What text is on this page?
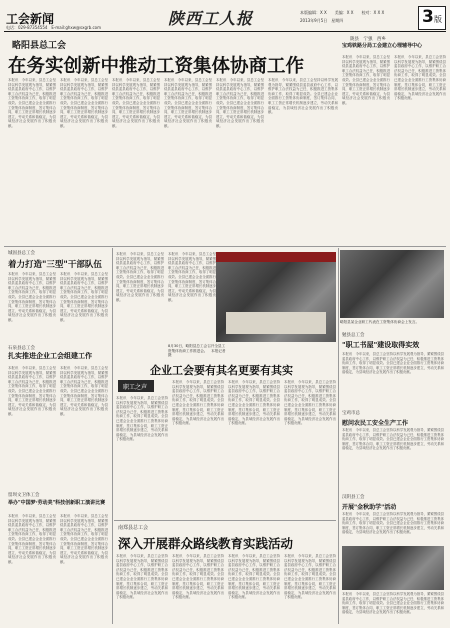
工会新闻	陕西工人报	本版编辑：X X　　美编：X X　　校对：X X X
2013年9月5日　星期四	3 版
电话：029-87354554　E-mail:ghxw@sxgrb.com
略阳县总工会
在务实创新中推动工资集体协商工作
陇县　宁强　西乡
宝鸡铁路分局工会建立心理辅导中心
本报讯　今年以来，县总工会坚持以科学发展观为指导，紧紧围绕县委县政府中心工作，以维护职工合法权益为己任，积极推进工资集体协商工作，取得了明显成效。全县已建会企业全面推行工资集体协商制度，签订集体合同，职工工资正常增长机制逐步建立，劳动关系和谐稳定，为县域经济社会发展作出了积极贡献。
本报讯　今年以来，县总工会坚持以科学发展观为指导，紧紧围绕县委县政府中心工作，以维护职工合法权益为己任，积极推进工资集体协商工作，取得了明显成效。全县已建会企业全面推行工资集体协商制度，签订集体合同，职工工资正常增长机制逐步建立，劳动关系和谐稳定，为县域经济社会发展作出了积极贡献。
本报讯　今年以来，县总工会坚持以科学发展观为指导，紧紧围绕县委县政府中心工作，以维护职工合法权益为己任，积极推进工资集体协商工作，取得了明显成效。全县已建会企业全面推行工资集体协商制度，签订集体合同，职工工资正常增长机制逐步建立，劳动关系和谐稳定，为县域经济社会发展作出了积极贡献。
本报讯　今年以来，县总工会坚持以科学发展观为指导，紧紧围绕县委县政府中心工作，以维护职工合法权益为己任，积极推进工资集体协商工作，取得了明显成效。全县已建会企业全面推行工资集体协商制度，签订集体合同，职工工资正常增长机制逐步建立，劳动关系和谐稳定，为县域经济社会发展作出了积极贡献。
本报讯　今年以来，县总工会坚持以科学发展观为指导，紧紧围绕县委县政府中心工作，以维护职工合法权益为己任，积极推进工资集体协商工作，取得了明显成效。全县已建会企业全面推行工资集体协商制度，签订集体合同，职工工资正常增长机制逐步建立，劳动关系和谐稳定，为县域经济社会发展作出了积极贡献。
本报讯　今年以来，县总工会坚持以科学发展观为指导，紧紧围绕县委县政府中心工作，以维护职工合法权益为己任，积极推进工资集体协商工作，取得了明显成效。全县已建会企业全面推行工资集体协商制度，签订集体合同，职工工资正常增长机制逐步建立，劳动关系和谐稳定，为县域经济社会发展作出了积极贡献。
本报讯　今年以来，县总工会坚持以科学发展观为指导，紧紧围绕县委县政府中心工作，以维护职工合法权益为己任，积极推进工资集体协商工作，取得了明显成效。全县已建会企业全面推行工资集体协商制度，签订集体合同，职工工资正常增长机制逐步建立，劳动关系和谐稳定，为县域经济社会发展作出了积极贡献。
本报讯　今年以来，县总工会坚持以科学发展观为指导，紧紧围绕县委县政府中心工作，以维护职工合法权益为己任，积极推进工资集体协商工作，取得了明显成效。全县已建会企业全面推行工资集体协商制度，签订集体合同，职工工资正常增长机制逐步建立，劳动关系和谐稳定，为县域经济社会发展作出了积极贡献。
城固县总工会
着力打造"三型"干部队伍
本报讯　今年以来，县总工会坚持以科学发展观为指导，紧紧围绕县委县政府中心工作，以维护职工合法权益为己任，积极推进工资集体协商工作，取得了明显成效。全县已建会企业全面推行工资集体协商制度，签订集体合同，职工工资正常增长机制逐步建立，劳动关系和谐稳定，为县域经济社会发展作出了积极贡献。
本报讯　今年以来，县总工会坚持以科学发展观为指导，紧紧围绕县委县政府中心工作，以维护职工合法权益为己任，积极推进工资集体协商工作，取得了明显成效。全县已建会企业全面推行工资集体协商制度，签订集体合同，职工工资正常增长机制逐步建立，劳动关系和谐稳定，为县域经济社会发展作出了积极贡献。
石泉县总工会
扎实推进企业工会组建工作
本报讯　今年以来，县总工会坚持以科学发展观为指导，紧紧围绕县委县政府中心工作，以维护职工合法权益为己任，积极推进工资集体协商工作，取得了明显成效。全县已建会企业全面推行工资集体协商制度，签订集体合同，职工工资正常增长机制逐步建立，劳动关系和谐稳定，为县域经济社会发展作出了积极贡献。
本报讯　今年以来，县总工会坚持以科学发展观为指导，紧紧围绕县委县政府中心工作，以维护职工合法权益为己任，积极推进工资集体协商工作，取得了明显成效。全县已建会企业全面推行工资集体协商制度，签订集体合同，职工工资正常增长机制逐步建立，劳动关系和谐稳定，为县域经济社会发展作出了积极贡献。
留坝文卫体工会
举办"中国梦·劳动美"科技创新职工演讲比赛
本报讯　今年以来，县总工会坚持以科学发展观为指导，紧紧围绕县委县政府中心工作，以维护职工合法权益为己任，积极推进工资集体协商工作，取得了明显成效。全县已建会企业全面推行工资集体协商制度，签订集体合同，职工工资正常增长机制逐步建立，劳动关系和谐稳定，为县域经济社会发展作出了积极贡献。
本报讯　今年以来，县总工会坚持以科学发展观为指导，紧紧围绕县委县政府中心工作，以维护职工合法权益为己任，积极推进工资集体协商工作，取得了明显成效。全县已建会企业全面推行工资集体协商制度，签订集体合同，职工工资正常增长机制逐步建立，劳动关系和谐稳定，为县域经济社会发展作出了积极贡献。
本报讯　今年以来，县总工会坚持以科学发展观为指导，紧紧围绕县委县政府中心工作，以维护职工合法权益为己任，积极推进工资集体协商工作，取得了明显成效。全县已建会企业全面推行工资集体协商制度，签订集体合同，职工工资正常增长机制逐步建立，劳动关系和谐稳定，为县域经济社会发展作出了积极贡献。
本报讯　今年以来，县总工会坚持以科学发展观为指导，紧紧围绕县委县政府中心工作，以维护职工合法权益为己任，积极推进工资集体协商工作，取得了明显成效。全县已建会企业全面推行工资集体协商制度，签订集体合同，职工工资正常增长机制逐步建立，劳动关系和谐稳定，为县域经济社会发展作出了积极贡献。
8月30日，略阳县总工会召开全县工资集体协商工作推进会。　本报记者 摄
略阳县某企业职工代表在工资集体协商会上发言。
企业工会要有其名更要有其实
职工之声
本报讯　今年以来，县总工会坚持以科学发展观为指导，紧紧围绕县委县政府中心工作，以维护职工合法权益为己任，积极推进工资集体协商工作，取得了明显成效。全县已建会企业全面推行工资集体协商制度，签订集体合同，职工工资正常增长机制逐步建立，劳动关系和谐稳定，为县域经济社会发展作出了积极贡献。
本报讯　今年以来，县总工会坚持以科学发展观为指导，紧紧围绕县委县政府中心工作，以维护职工合法权益为己任，积极推进工资集体协商工作，取得了明显成效。全县已建会企业全面推行工资集体协商制度，签订集体合同，职工工资正常增长机制逐步建立，劳动关系和谐稳定，为县域经济社会发展作出了积极贡献。
本报讯　今年以来，县总工会坚持以科学发展观为指导，紧紧围绕县委县政府中心工作，以维护职工合法权益为己任，积极推进工资集体协商工作，取得了明显成效。全县已建会企业全面推行工资集体协商制度，签订集体合同，职工工资正常增长机制逐步建立，劳动关系和谐稳定，为县域经济社会发展作出了积极贡献。
本报讯　今年以来，县总工会坚持以科学发展观为指导，紧紧围绕县委县政府中心工作，以维护职工合法权益为己任，积极推进工资集体协商工作，取得了明显成效。全县已建会企业全面推行工资集体协商制度，签订集体合同，职工工资正常增长机制逐步建立，劳动关系和谐稳定，为县域经济社会发展作出了积极贡献。
勉县总工会
"职工书屋"建设取得实效
本报讯　今年以来，县总工会坚持以科学发展观为指导，紧紧围绕县委县政府中心工作，以维护职工合法权益为己任，积极推进工资集体协商工作，取得了明显成效。全县已建会企业全面推行工资集体协商制度，签订集体合同，职工工资正常增长机制逐步建立，劳动关系和谐稳定，为县域经济社会发展作出了积极贡献。
宝鸡市总
慰问农民工安全生产工作
本报讯　今年以来，县总工会坚持以科学发展观为指导，紧紧围绕县委县政府中心工作，以维护职工合法权益为己任，积极推进工资集体协商工作，取得了明显成效。全县已建会企业全面推行工资集体协商制度，签订集体合同，职工工资正常增长机制逐步建立，劳动关系和谐稳定，为县域经济社会发展作出了积极贡献。
汉阴县工会
开展"金秋助学"活动
本报讯　今年以来，县总工会坚持以科学发展观为指导，紧紧围绕县委县政府中心工作，以维护职工合法权益为己任，积极推进工资集体协商工作，取得了明显成效。全县已建会企业全面推行工资集体协商制度，签订集体合同，职工工资正常增长机制逐步建立，劳动关系和谐稳定，为县域经济社会发展作出了积极贡献。
本报讯　今年以来，县总工会坚持以科学发展观为指导，紧紧围绕县委县政府中心工作，以维护职工合法权益为己任，积极推进工资集体协商工作，取得了明显成效。全县已建会企业全面推行工资集体协商制度，签订集体合同，职工工资正常增长机制逐步建立，劳动关系和谐稳定，为县域经济社会发展作出了积极贡献。
南郑县总工会
深入开展群众路线教育实践活动
本报讯　今年以来，县总工会坚持以科学发展观为指导，紧紧围绕县委县政府中心工作，以维护职工合法权益为己任，积极推进工资集体协商工作，取得了明显成效。全县已建会企业全面推行工资集体协商制度，签订集体合同，职工工资正常增长机制逐步建立，劳动关系和谐稳定，为县域经济社会发展作出了积极贡献。
本报讯　今年以来，县总工会坚持以科学发展观为指导，紧紧围绕县委县政府中心工作，以维护职工合法权益为己任，积极推进工资集体协商工作，取得了明显成效。全县已建会企业全面推行工资集体协商制度，签订集体合同，职工工资正常增长机制逐步建立，劳动关系和谐稳定，为县域经济社会发展作出了积极贡献。
本报讯　今年以来，县总工会坚持以科学发展观为指导，紧紧围绕县委县政府中心工作，以维护职工合法权益为己任，积极推进工资集体协商工作，取得了明显成效。全县已建会企业全面推行工资集体协商制度，签订集体合同，职工工资正常增长机制逐步建立，劳动关系和谐稳定，为县域经济社会发展作出了积极贡献。
本报讯　今年以来，县总工会坚持以科学发展观为指导，紧紧围绕县委县政府中心工作，以维护职工合法权益为己任，积极推进工资集体协商工作，取得了明显成效。全县已建会企业全面推行工资集体协商制度，签订集体合同，职工工资正常增长机制逐步建立，劳动关系和谐稳定，为县域经济社会发展作出了积极贡献。
